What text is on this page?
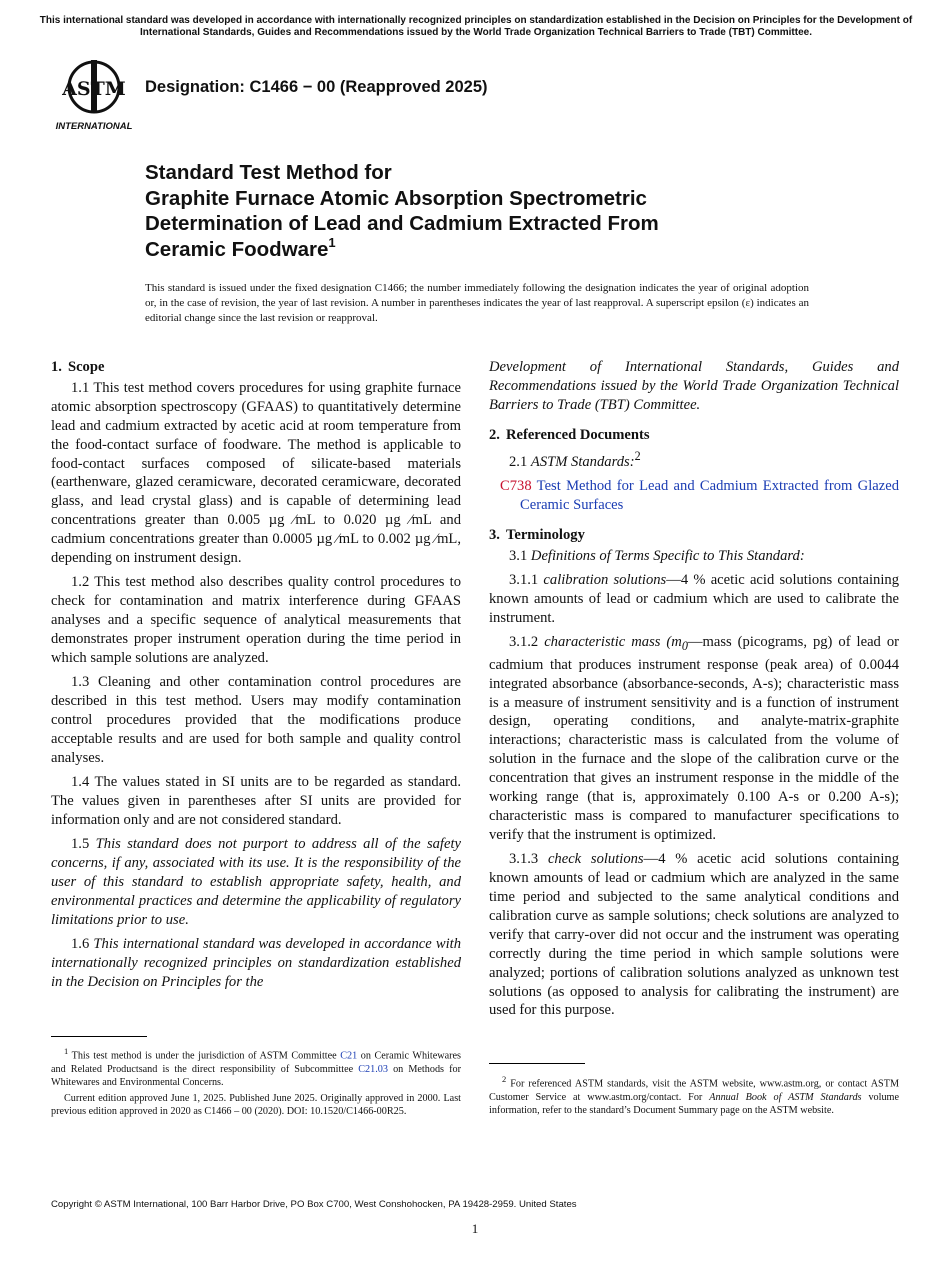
This international standard was developed in accordance with internationally recognized principles on standardization established in the Decision on Principles for the Development of International Standards, Guides and Recommendations issued by the World Trade Organization Technical Barriers to Trade (TBT) Committee.
ASTM
INTERNATIONAL
Designation: C1466 − 00 (Reapproved 2025)
Standard Test Method for
Graphite Furnace Atomic Absorption Spectrometric
Determination of Lead and Cadmium Extracted From
Ceramic Foodware$^1$
This standard is issued under the fixed designation C1466; the number immediately following the designation indicates the year of original adoption or, in the case of revision, the year of last revision. A number in parentheses indicates the year of last reapproval. A superscript epsilon (ε) indicates an editorial change since the last revision or reapproval.
1. Scope

1.1 This test method covers procedures for using graphite furnace atomic absorption spectroscopy (GFAAS) to quantitatively determine lead and cadmium extracted by acetic acid at room temperature from the food-contact surface of foodware. The method is applicable to food-contact surfaces composed of silicate-based materials (earthenware, glazed ceramicware, decorated ceramicware, decorated glass, and lead crystal glass) and is capable of determining lead concentrations greater than 0.005 µg ⁄mL to 0.020 µg ⁄mL and cadmium concentrations greater than 0.0005 µg ⁄mL to 0.002 µg ⁄mL, depending on instrument design.

1.2 This test method also describes quality control procedures to check for contamination and matrix interference during GFAAS analyses and a specific sequence of analytical measurements that demonstrates proper instrument operation during the time period in which sample solutions are analyzed.

1.3 Cleaning and other contamination control procedures are described in this test method. Users may modify contamination control procedures provided that the modifications produce acceptable results and are used for both sample and quality control analyses.

1.4 The values stated in SI units are to be regarded as standard. The values given in parentheses after SI units are provided for information only and are not considered standard.

1.5 This standard does not purport to address all of the safety concerns, if any, associated with its use. It is the responsibility of the user of this standard to establish appropriate safety, health, and environmental practices and determine the applicability of regulatory limitations prior to use.

1.6 This international standard was developed in accordance with internationally recognized principles on standardization established in the Decision on Principles for the

$^1$ This test method is under the jurisdiction of ASTM Committee C21 on Ceramic Whitewares and Related Productsand is the direct responsibility of Subcommittee C21.03 on Methods for Whitewares and Environmental Concerns.

Current edition approved June 1, 2025. Published June 2025. Originally approved in 2000. Last previous edition approved in 2020 as C1466 – 00 (2020). DOI: 10.1520/C1466-00R25.

Development of International Standards, Guides and Recommendations issued by the World Trade Organization Technical Barriers to Trade (TBT) Committee.

2. Referenced Documents

2.1 ASTM Standards:$^2$

C738 Test Method for Lead and Cadmium Extracted from Glazed Ceramic Surfaces

3. Terminology

3.1 Definitions of Terms Specific to This Standard:

3.1.1 calibration solutions—4 % acetic acid solutions containing known amounts of lead or cadmium which are used to calibrate the instrument.

3.1.2 characteristic mass ($m_0—mass$ (picograms, pg) of lead or cadmium that produces instrument response (peak area) of 0.0044 integrated absorbance (absorbance-seconds, A-s); characteristic mass is a measure of instrument sensitivity and is a function of instrument design, operating conditions, and analyte-matrix-graphite interactions; characteristic mass is calculated from the volume of solution in the furnace and the slope of the calibration curve or the concentration that gives an instrument response in the middle of the working range (that is, approximately 0.100 A-s or 0.200 A-s); characteristic mass is compared to manufacturer specifications to verify that the instrument is optimized.

3.1.3 check solutions—4 % acetic acid solutions containing known amounts of lead or cadmium which are analyzed in the same time period and subjected to the same analytical conditions and calibration curve as sample solutions; check solutions are analyzed to verify that carry-over did not occur and the instrument was operating correctly during the time period in which sample solutions were analyzed; portions of calibration solutions analyzed as unknown test solutions (as opposed to analysis for calibrating the instrument) are used for this purpose.

$^2$ For referenced ASTM standards, visit the ASTM website, www.astm.org, or contact ASTM Customer Service at www.astm.org/contact. For Annual Book of ASTM Standards volume information, refer to the standard’s Document Summary page on the ASTM website.

Copyright © ASTM International, 100 Barr Harbor Drive, PO Box C700, West Conshohocken, PA 19428-2959. United States
1
